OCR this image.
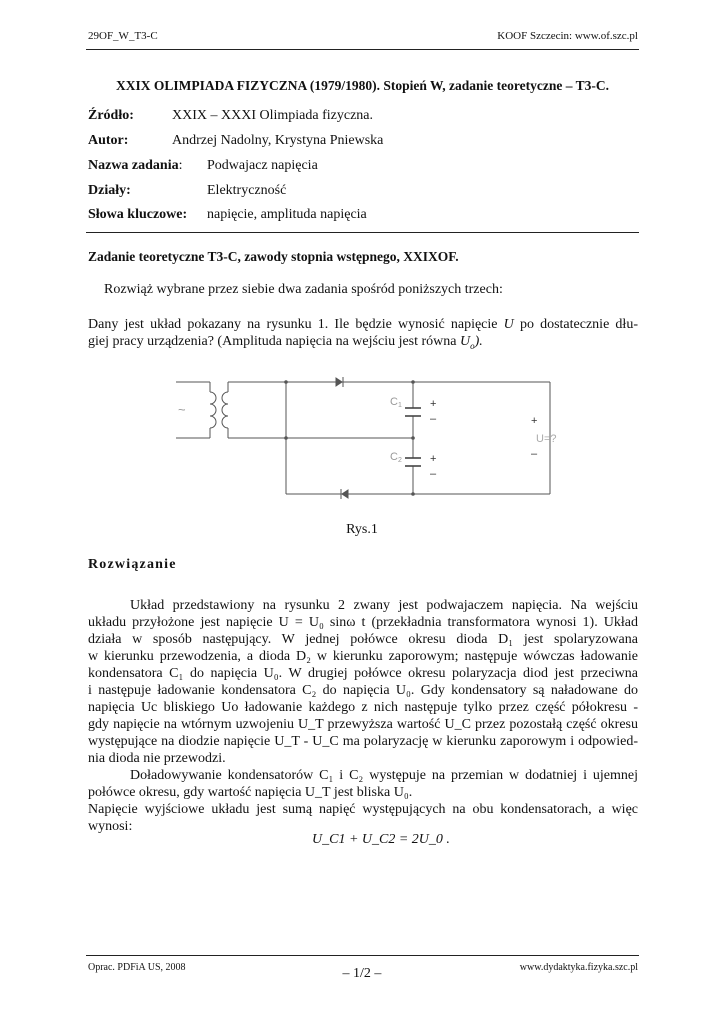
29OF_W_T3-C	KOOF Szczecin: www.of.szc.pl
XXIX OLIMPIADA FIZYCZNA (1979/1980). Stopień W, zadanie teoretyczne – T3-C.
Źródło:	XXIX – XXXI Olimpiada fizyczna.
Autor:	Andrzej Nadolny, Krystyna Pniewska
Nazwa zadania: Podwajacz napięcia
Działy:	Elektryczność
Słowa kluczowe: napięcie, amplituda napięcia
Zadanie teoretyczne T3-C, zawody stopnia wstępnego, XXIXOF.
Rozwiąż wybrane przez siebie dwa zadania spośród poniższych trzech:
Dany jest układ pokazany na rysunku 1. Ile będzie wynosić napięcie U po dostatecznie dłu-
giej pracy urządzenia? (Amplituda napięcia na wejściu jest równa $U_o$).
C1
C2
~	+
–
+
–
+
–
U=?
Rys.1
Rozwiązanie
Układ przedstawiony na rysunku 2 zwany jest podwajaczem napięcia. Na wejściu
układu przyłożone jest napięcie U = U₀ sinω t (przekładnia transformatora wynosi 1). Układ
działa w sposób następujący. W jednej połówce okresu dioda D₁ jest spolaryzowana
w kierunku przewodzenia, a dioda D₂ w kierunku zaporowym; następuje wówczas ładowanie
kondensatora C₁ do napięcia U₀. W drugiej połówce okresu polaryzacja diod jest przeciwna
i następuje ładowanie kondensatora C₂ do napięcia U₀. Gdy kondensatory są naładowane do
napięcia Uc bliskiego Uo ładowanie każdego z nich następuje tylko przez część półokresu -
gdy napięcie na wtórnym uzwojeniu U_T przewyższa wartość U_C przez pozostałą część okresu
występujące na diodzie napięcie U_T - U_C ma polaryzację w kierunku zaporowym i odpowied-
nia dioda nie przewodzi.
Doładowywanie kondensatorów C₁ i C₂ występuje na przemian w dodatniej i ujemnej
połówce okresu, gdy wartość napięcia U_T jest bliska U₀.
Napięcie wyjściowe układu jest sumą napięć występujących na obu kondensatorach, a więc
wynosi:
U_C1 + U_C2 = 2U_0 .
Oprac. PDFiA US, 2008	– 1/2 –	www.dydaktyka.fizyka.szc.pl
